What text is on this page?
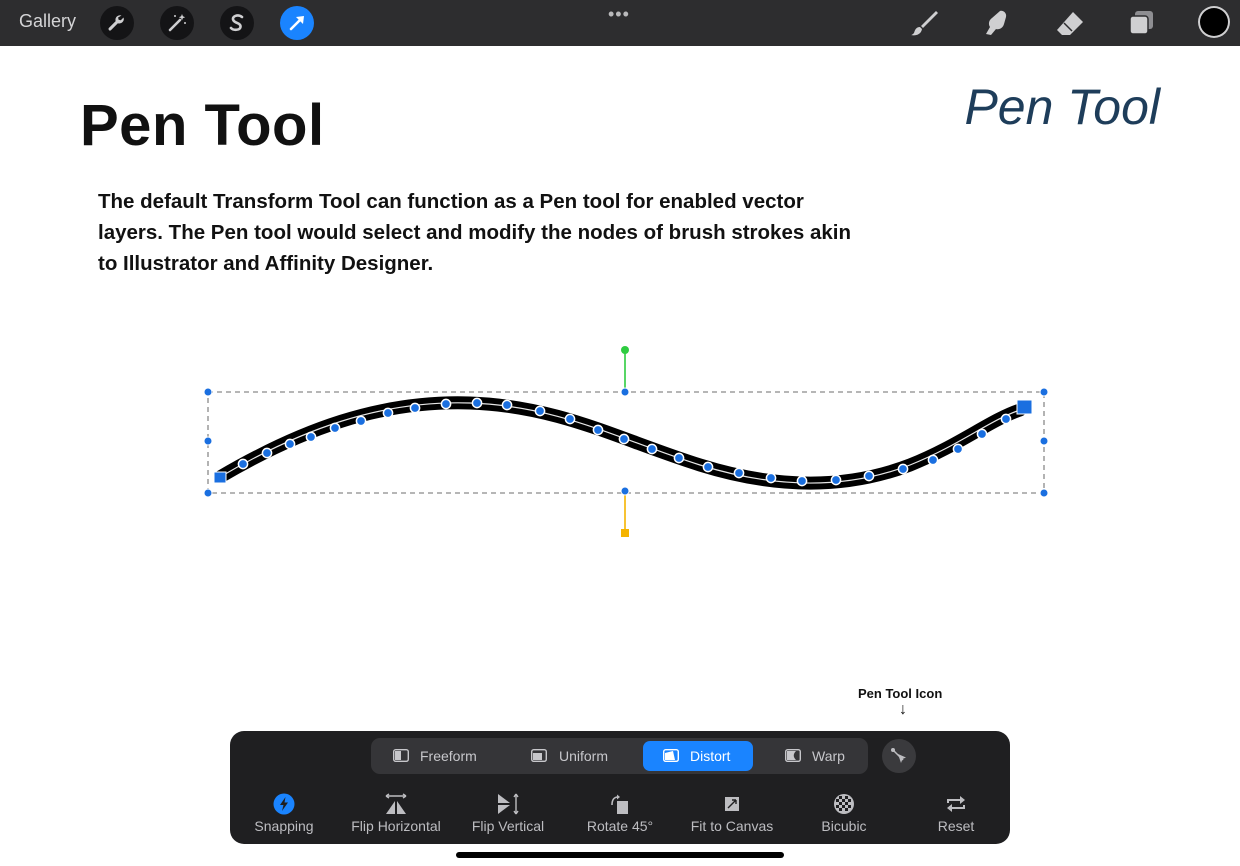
Gallery	•••
Pen Tool	Pen Tool
The default Transform Tool can function as a Pen tool for enabled vector layers. The Pen tool would select and modify the nodes of brush strokes akin to Illustrator and Affinity Designer.
Pen Tool Icon
↓
Freeform	Uniform	Distort	Warp
Snapping	Flip Horizontal	Flip Vertical	Rotate 45°	Fit to Canvas	Bicubic	Reset
